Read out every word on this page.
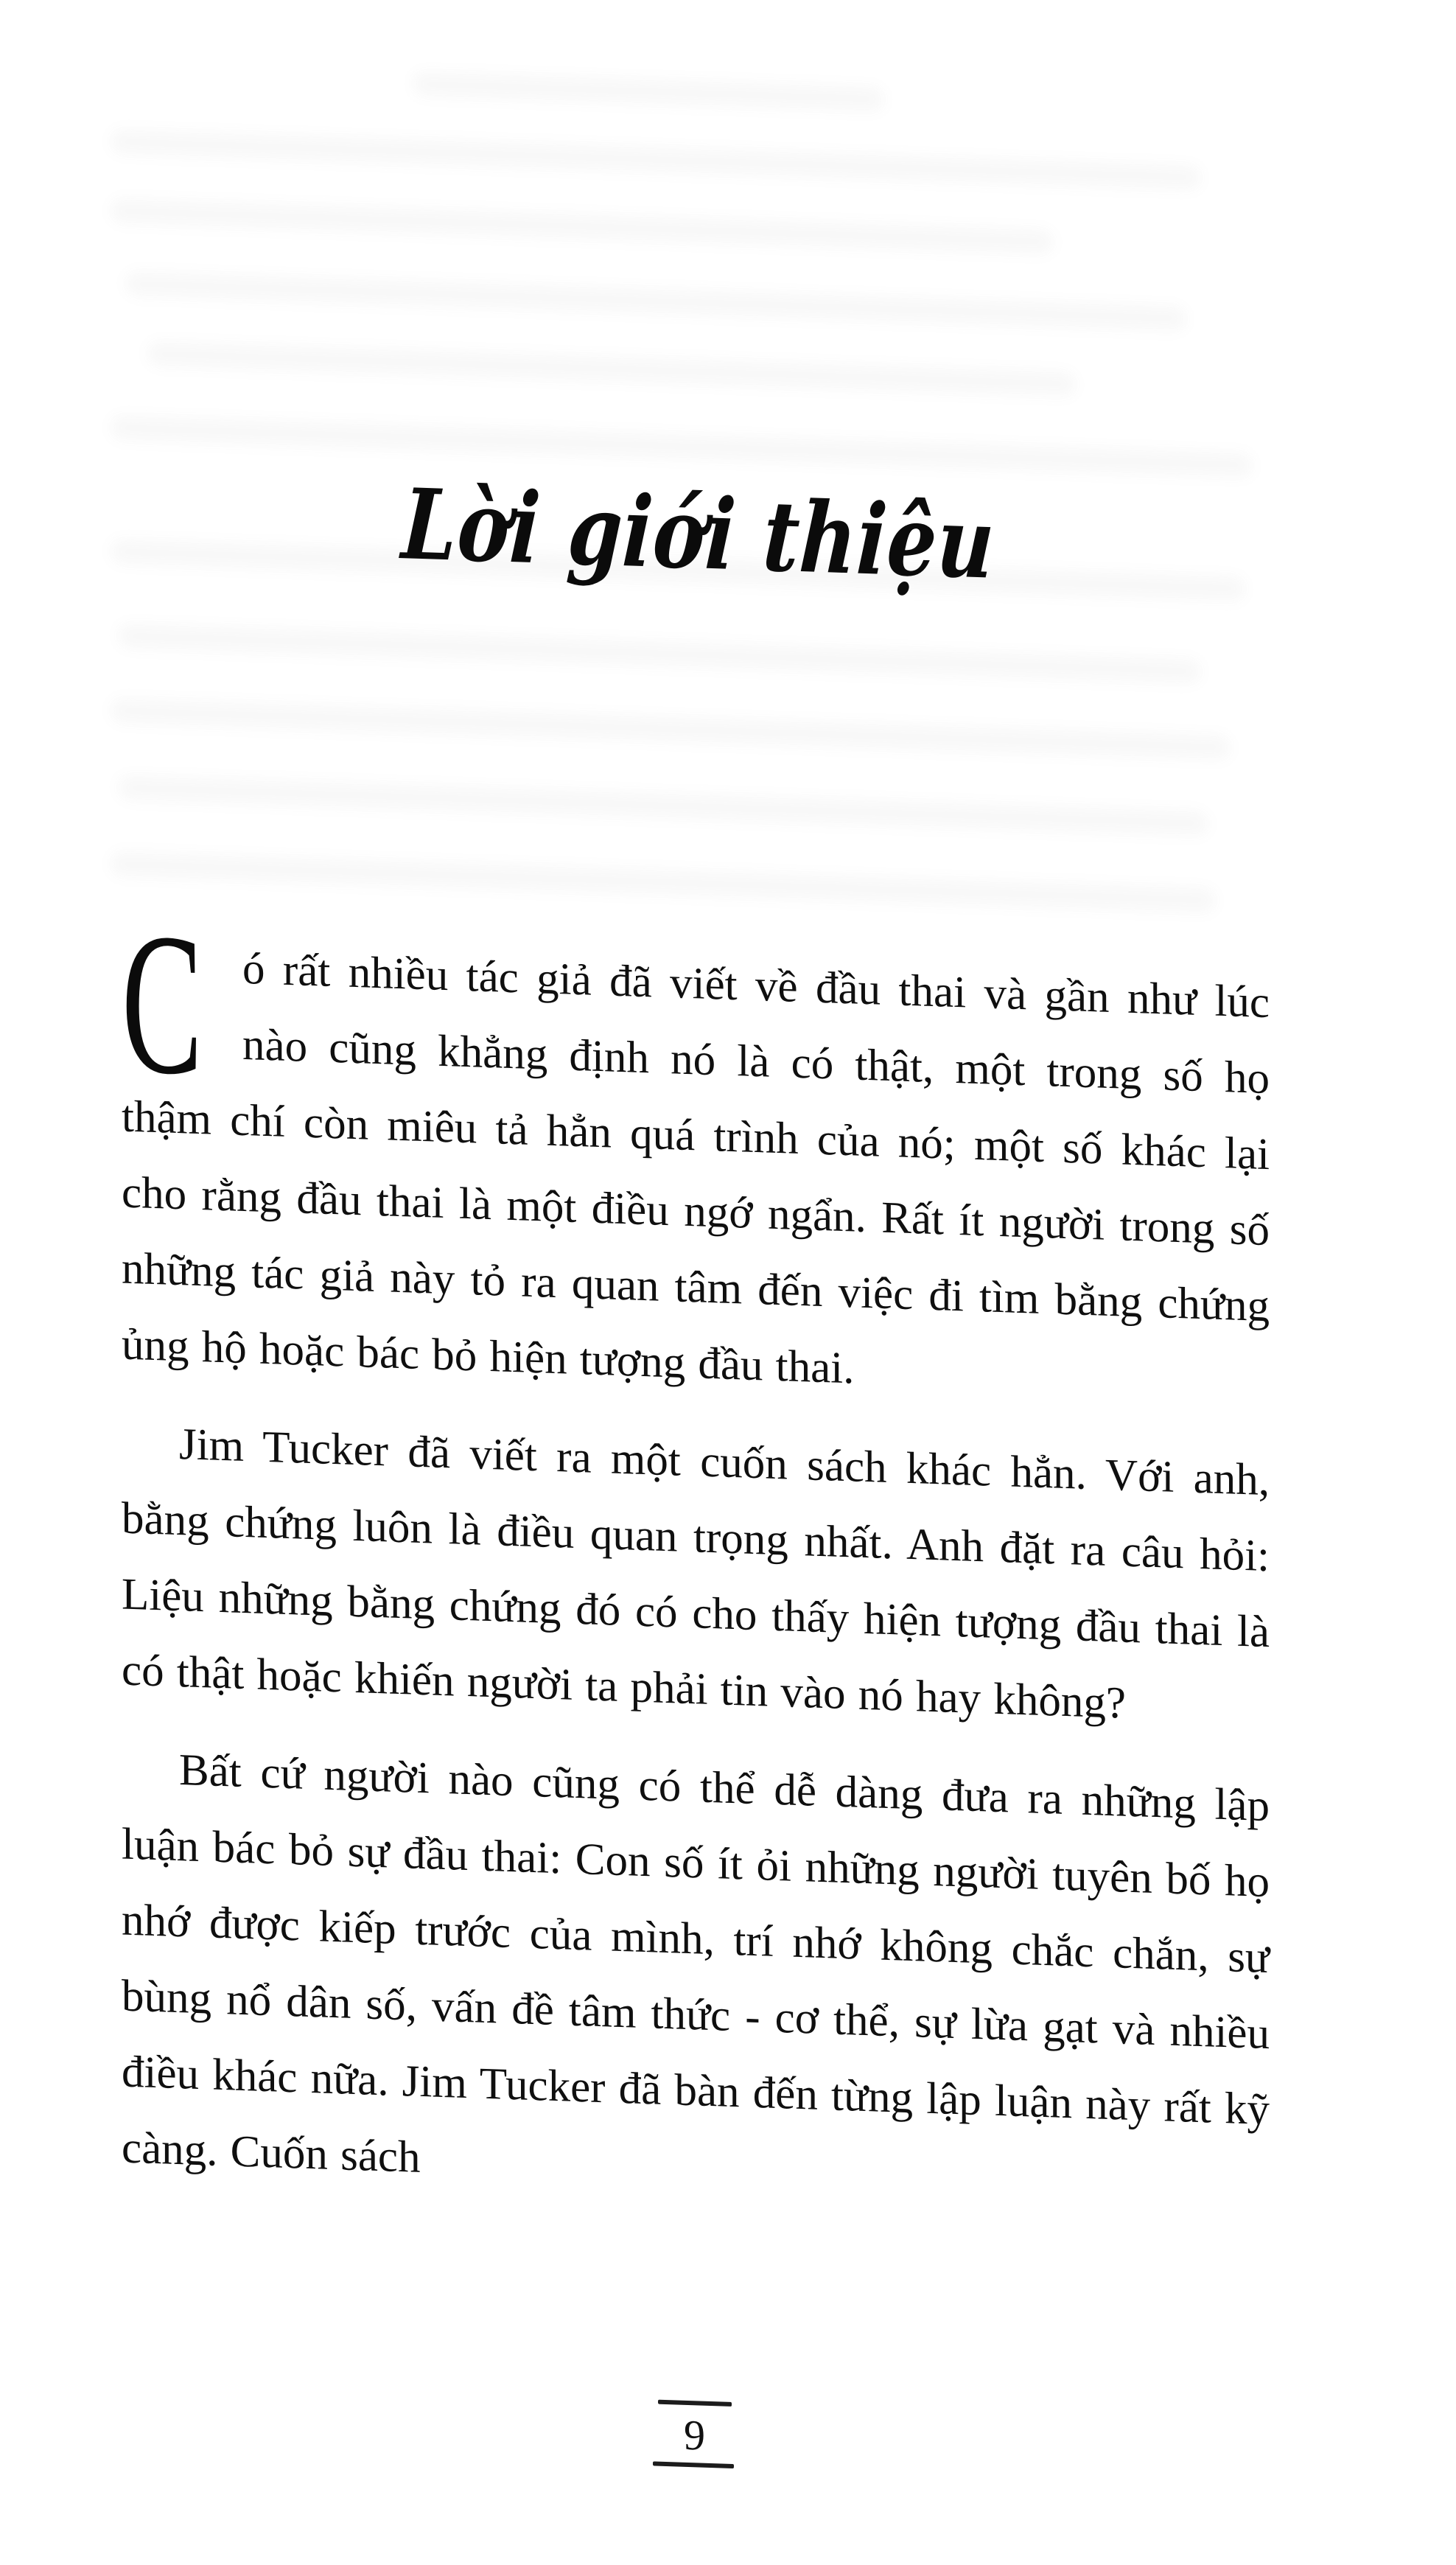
Lời giới thiệu

C ó rất nhiều tác giả đã viết về đầu thai và gần như lúc nào cũng khẳng định nó là có thật, một trong số họ thậm chí còn miêu tả hẳn quá trình của nó; một số khác lại cho rằng đầu thai là một điều ngớ ngẩn. Rất ít người trong số những tác giả này tỏ ra quan tâm đến việc đi tìm bằng chứng ủng hộ hoặc bác bỏ hiện tượng đầu thai.

Jim Tucker đã viết ra một cuốn sách khác hẳn. Với anh, bằng chứng luôn là điều quan trọng nhất. Anh đặt ra câu hỏi: Liệu những bằng chứng đó có cho thấy hiện tượng đầu thai là có thật hoặc khiến người ta phải tin vào nó hay không?

Bất cứ người nào cũng có thể dễ dàng đưa ra những lập luận bác bỏ sự đầu thai: Con số ít ỏi những người tuyên bố họ nhớ được kiếp trước của mình, trí nhớ không chắc chắn, sự bùng nổ dân số, vấn đề tâm thức - cơ thể, sự lừa gạt và nhiều điều khác nữa. Jim Tucker đã bàn đến từng lập luận này rất kỹ càng. Cuốn sách

9
